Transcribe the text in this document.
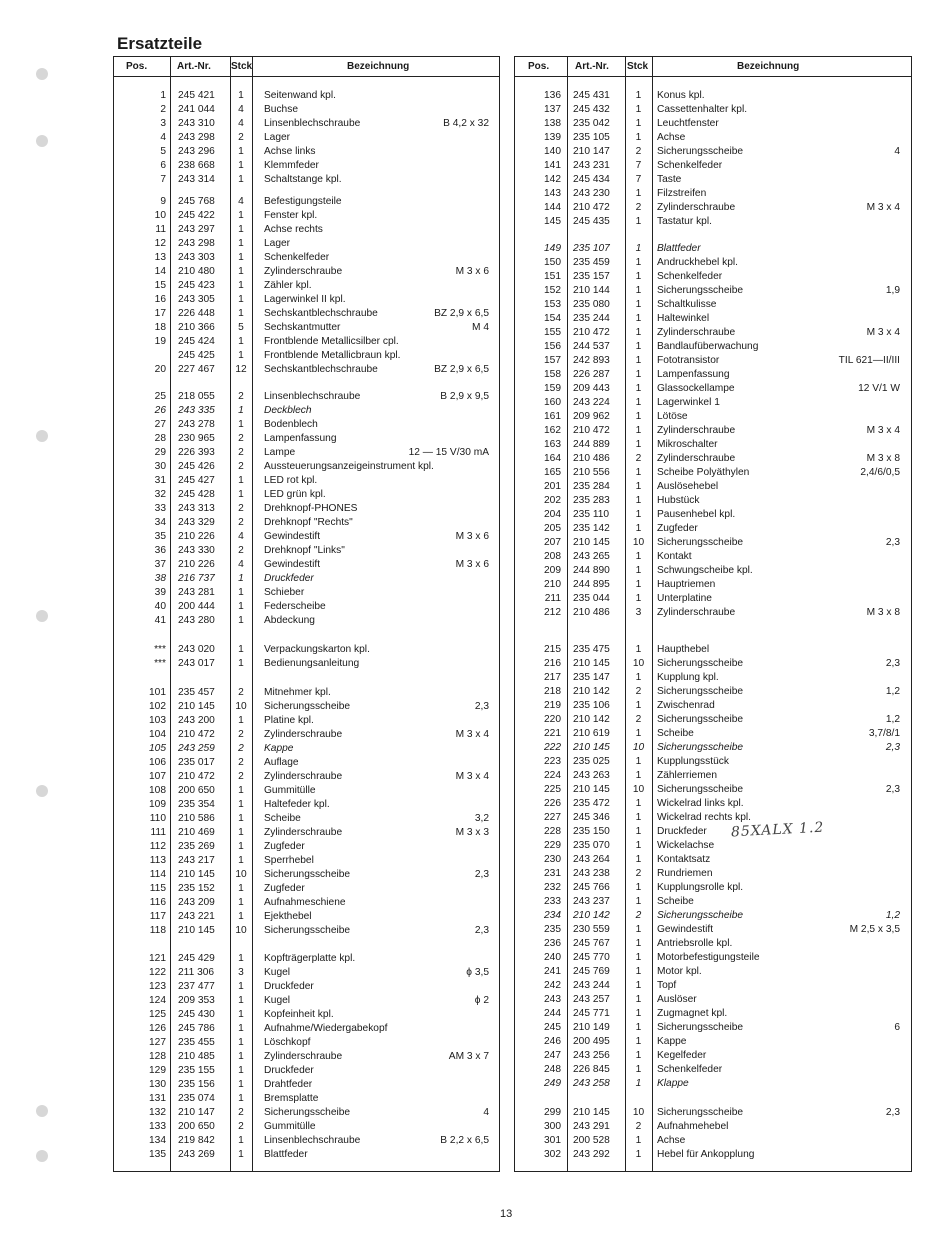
Ersatzteile
Pos.	Art.-Nr. Stck	Bezeichnung
1 245 421	1	Seitenwand kpl.
2 241 044	4	Buchse
3 243 310	4	Linsenblechschraube	B 4,2 x 32
4 243 298	2	Lager
5 243 296	1	Achse links
6 238 668	1	Klemmfeder
7 243 314	1	Schaltstange kpl.
9 245 768	4	Befestigungsteile
10 245 422	1	Fenster kpl.
11 243 297	1	Achse rechts
12 243 298	1	Lager
13 243 303	1	Schenkelfeder
14 210 480	1	Zylinderschraube	M 3 x 6
15 245 423	1	Zähler kpl.
16 243 305	1	Lagerwinkel II kpl.
17 226 448	1	Sechskantblechschraube	BZ 2,9 x 6,5
18 210 366	5	Sechskantmutter	M 4
19 245 424	1	Frontblende Metallicsilber cpl.
245 425	1	Frontblende Metallicbraun kpl.
20 227 467	12	Sechskantblechschraube	BZ 2,9 x 6,5
25 218 055	2	Linsenblechschraube	B 2,9 x 9,5
26 243 335	1	Deckblech
27 243 278	1	Bodenblech
28 230 965	2	Lampenfassung
29 226 393	2	Lampe	12 — 15 V/30 mA
30 245 426	2	Aussteuerungsanzeigeinstrument kpl.
31 245 427	1	LED rot kpl.
32 245 428	1	LED grün kpl.
33 243 313	2	Drehknopf-PHONES
34 243 329	2	Drehknopf "Rechts"
35 210 226	4	Gewindestift	M 3 x 6
36 243 330	2	Drehknopf "Links"
37 210 226	4	Gewindestift	M 3 x 6
38 216 737	1	Druckfeder
39 243 281	1	Schieber
40 200 444	1	Federscheibe
41 243 280	1	Abdeckung
*** 243 020	1	Verpackungskarton kpl.
*** 243 017	1	Bedienungsanleitung
101 235 457	2	Mitnehmer kpl.
102 210 145	10	Sicherungsscheibe	2,3
103 243 200	1	Platine kpl.
104 210 472	2	Zylinderschraube	M 3 x 4
105 243 259	2	Kappe
106 235 017	2	Auflage
107 210 472	2	Zylinderschraube	M 3 x 4
108 200 650	1	Gummitülle
109 235 354	1	Haltefeder kpl.
110 210 586	1	Scheibe	3,2
111 210 469	1	Zylinderschraube	M 3 x 3
112 235 269	1	Zugfeder
113 243 217	1	Sperrhebel
114 210 145	10	Sicherungsscheibe	2,3
115 235 152	1	Zugfeder
116 243 209	1	Aufnahmeschiene
117 243 221	1	Ejekthebel
118 210 145	10	Sicherungsscheibe	2,3
121 245 429	1	Kopfträgerplatte kpl.
122 211 306	3	Kugel	ϕ 3,5
123 237 477	1	Druckfeder
124 209 353	1	Kugel	ϕ 2
125 245 430	1	Kopfeinheit kpl.
126 245 786	1	Aufnahme/Wiedergabekopf
127 235 455	1	Löschkopf
128 210 485	1	Zylinderschraube	AM 3 x 7
129 235 155	1	Druckfeder
130 235 156	1	Drahtfeder
131 235 074	1	Bremsplatte
132 210 147	2	Sicherungsscheibe	4
133 200 650	2	Gummitülle
134 219 842	1	Linsenblechschraube	B 2,2 x 6,5
135 243 269	1	Blattfeder
Pos.	Art.-Nr. Stck	Bezeichnung
136 245 431	1	Konus kpl.
137 245 432	1	Cassettenhalter kpl.
138 235 042	1	Leuchtfenster
139 235 105	1	Achse
140 210 147	2	Sicherungsscheibe	4
141 243 231	7	Schenkelfeder
142 245 434	7	Taste
143 243 230	1	Filzstreifen
144 210 472	2	Zylinderschraube	M 3 x 4
145 245 435	1	Tastatur kpl.
149 235 107	1	Blattfeder
150 235 459	1	Andruckhebel kpl.
151 235 157	1	Schenkelfeder
152 210 144	1	Sicherungsscheibe	1,9
153 235 080	1	Schaltkulisse
154 235 244	1	Haltewinkel
155 210 472	1	Zylinderschraube	M 3 x 4
156 244 537	1	Bandlaufüberwachung
157 242 893	1	Fototransistor	TIL 621—II/III
158 226 287	1	Lampenfassung
159 209 443	1	Glassockellampe	12 V/1 W
160 243 224	1	Lagerwinkel 1
161 209 962	1	Lötöse
162 210 472	1	Zylinderschraube	M 3 x 4
163 244 889	1	Mikroschalter
164 210 486	2	Zylinderschraube	M 3 x 8
165 210 556	1	Scheibe Polyäthylen	2,4/6/0,5
201 235 284	1	Auslösehebel
202 235 283	1	Hubstück
204 235 110	1	Pausenhebel kpl.
205 235 142	1	Zugfeder
207 210 145	10	Sicherungsscheibe	2,3
208 243 265	1	Kontakt
209 244 890	1	Schwungscheibe kpl.
210 244 895	1	Hauptriemen
211 235 044	1	Unterplatine
212 210 486	3	Zylinderschraube	M 3 x 8
215 235 475	1	Haupthebel
216 210 145	10	Sicherungsscheibe	2,3
217 235 147	1	Kupplung kpl.
218 210 142	2	Sicherungsscheibe	1,2
219 235 106	1	Zwischenrad
220 210 142	2	Sicherungsscheibe	1,2
221 210 619	1	Scheibe	3,7/8/1
222 210 145	10	Sicherungsscheibe	2,3
223 235 025	1	Kupplungsstück
224 243 263	1	Zählerriemen
225 210 145	10	Sicherungsscheibe	2,3
226 235 472	1	Wickelrad links kpl.
227 245 346	1	Wickelrad rechts kpl.
228 235 150	1	Druckfeder
229 235 070	1	Wickelachse
230 243 264	1	Kontaktsatz
231 243 238	2	Rundriemen
232 245 766	1	Kupplungsrolle kpl.
233 243 237	1	Scheibe
234 210 142	2	Sicherungsscheibe	1,2
235 230 559	1	Gewindestift	M 2,5 x 3,5
236 245 767	1	Antriebsrolle kpl.
240 245 770	1	Motorbefestigungsteile
241 245 769	1	Motor kpl.
242 243 244	1	Topf
243 243 257	1	Auslöser
244 245 771	1	Zugmagnet kpl.
245 210 149	1	Sicherungsscheibe	6
246 200 495	1	Kappe
247 243 256	1	Kegelfeder
248 226 845	1	Schenkelfeder
249 243 258	1	Klappe
299 210 145	10	Sicherungsscheibe	2,3
300 243 291	2	Aufnahmehebel
301 200 528	1	Achse
302 243 292	1	Hebel für Ankopplung
85XALX 1.2
13
